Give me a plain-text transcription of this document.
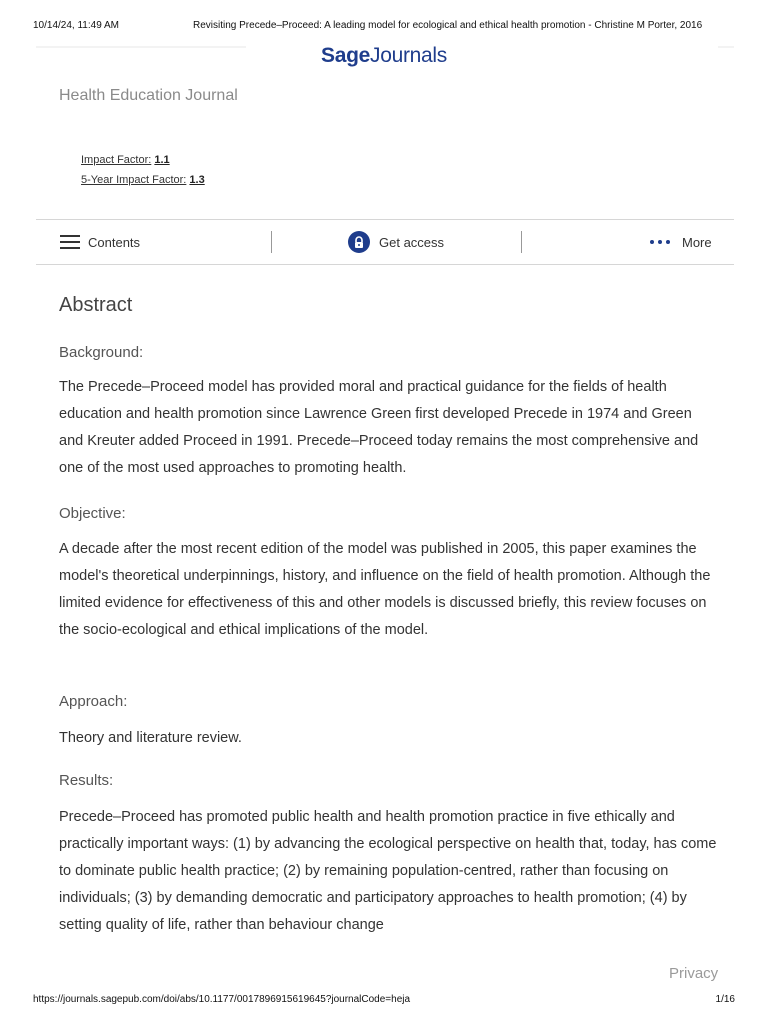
10/14/24, 11:49 AM	Revisiting Precede–Proceed: A leading model for ecological and ethical health promotion - Christine M Porter, 2016
SageJournals
Health Education Journal
Impact Factor: 1.1
5-Year Impact Factor: 1.3
Contents	Get access	More
Abstract

Background:

The Precede–Proceed model has provided moral and practical guidance for the fields of health education and health promotion since Lawrence Green first developed Precede in 1974 and Green and Kreuter added Proceed in 1991. Precede–Proceed today remains the most comprehensive and one of the most used approaches to promoting health.

Objective:

A decade after the most recent edition of the model was published in 2005, this paper examines the model's theoretical underpinnings, history, and influence on the field of health promotion. Although the limited evidence for effectiveness of this and other models is discussed briefly, this review focuses on the socio-ecological and ethical implications of the model.

Approach:

Theory and literature review.

Results:

Precede–Proceed has promoted public health and health promotion practice in five ethically and practically important ways: (1) by advancing the ecological perspective on health that, today, has come to dominate public health practice; (2) by remaining population-centred, rather than focusing on individuals; (3) by demanding democratic and participatory approaches to health promotion; (4) by setting quality of life, rather than behaviour change

Privacy
https://journals.sagepub.com/doi/abs/10.1177/0017896915619645?journalCode=heja	1/16
